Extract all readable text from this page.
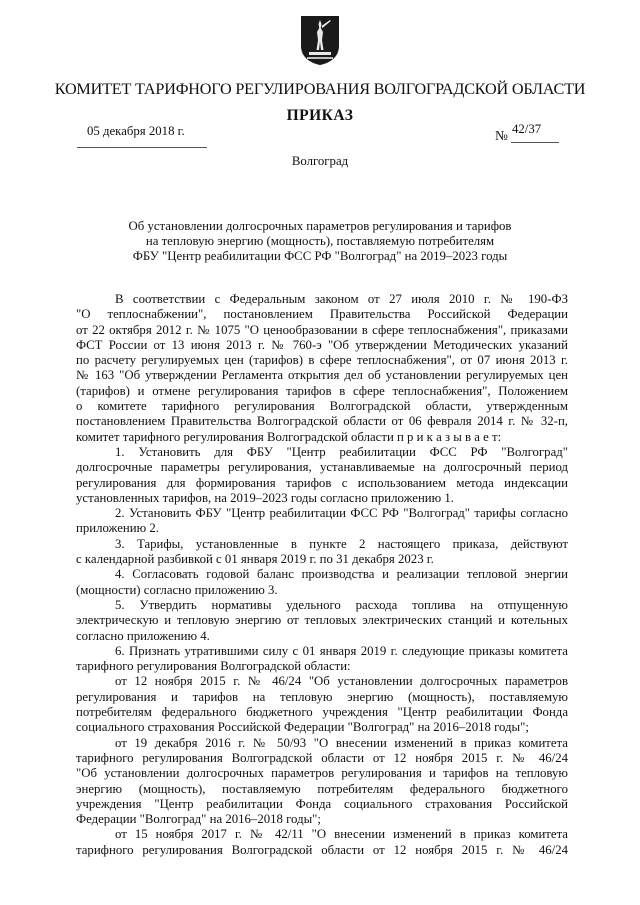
КОМИТЕТ ТАРИФНОГО РЕГУЛИРОВАНИЯ ВОЛГОГРАДСКОЙ ОБЛАСТИ
ПРИКАЗ
05 декабря 2018 г.	№ 42/37
Волгоград
Об установлении долгосрочных параметров регулирования и тарифов
на тепловую энергию (мощность), поставляемую потребителям
ФБУ "Центр реабилитации ФСС РФ "Волгоград" на 2019–2023 годы
В соответствии с Федеральным законом от 27 июля 2010 г. № 190-ФЗ
"О теплоснабжении", постановлением Правительства Российской Федерации
от 22 октября 2012 г. № 1075 "О ценообразовании в сфере теплоснабжения", приказами
ФСТ России от 13 июня 2013 г. № 760-э "Об утверждении Методических указаний
по расчету регулируемых цен (тарифов) в сфере теплоснабжения", от 07 июня 2013 г.
№ 163 "Об утверждении Регламента открытия дел об установлении регулируемых цен
(тарифов) и отмене регулирования тарифов в сфере теплоснабжения", Положением
о комитете тарифного регулирования Волгоградской области, утвержденным
постановлением Правительства Волгоградской области от 06 февраля 2014 г. № 32-п,
комитет тарифного регулирования Волгоградской области п р и к а з ы в а е т:
1. Установить для ФБУ "Центр реабилитации ФСС РФ "Волгоград"
долгосрочные параметры регулирования, устанавливаемые на долгосрочный период
регулирования для формирования тарифов с использованием метода индексации
установленных тарифов, на 2019–2023 годы согласно приложению 1.
2. Установить ФБУ "Центр реабилитации ФСС РФ "Волгоград" тарифы согласно
приложению 2.
3. Тарифы, установленные в пункте 2 настоящего приказа, действуют
с календарной разбивкой с 01 января 2019 г. по 31 декабря 2023 г.
4. Согласовать годовой баланс производства и реализации тепловой энергии
(мощности) согласно приложению 3.
5. Утвердить нормативы удельного расхода топлива на отпущенную
электрическую и тепловую энергию от тепловых электрических станций и котельных
согласно приложению 4.
6. Признать утратившими силу с 01 января 2019 г. следующие приказы комитета
тарифного регулирования Волгоградской области:
от 12 ноября 2015 г. № 46/24 "Об установлении долгосрочных параметров
регулирования и тарифов на тепловую энергию (мощность), поставляемую
потребителям федерального бюджетного учреждения "Центр реабилитации Фонда
социального страхования Российской Федерации "Волгоград" на 2016–2018 годы";
от 19 декабря 2016 г. № 50/93 "О внесении изменений в приказ комитета
тарифного регулирования Волгоградской области от 12 ноября 2015 г. № 46/24
"Об установлении долгосрочных параметров регулирования и тарифов на тепловую
энергию (мощность), поставляемую потребителям федерального бюджетного
учреждения "Центр реабилитации Фонда социального страхования Российской
Федерации "Волгоград" на 2016–2018 годы";
от 15 ноября 2017 г. № 42/11 "О внесении изменений в приказ комитета
тарифного регулирования Волгоградской области от 12 ноября 2015 г. № 46/24
